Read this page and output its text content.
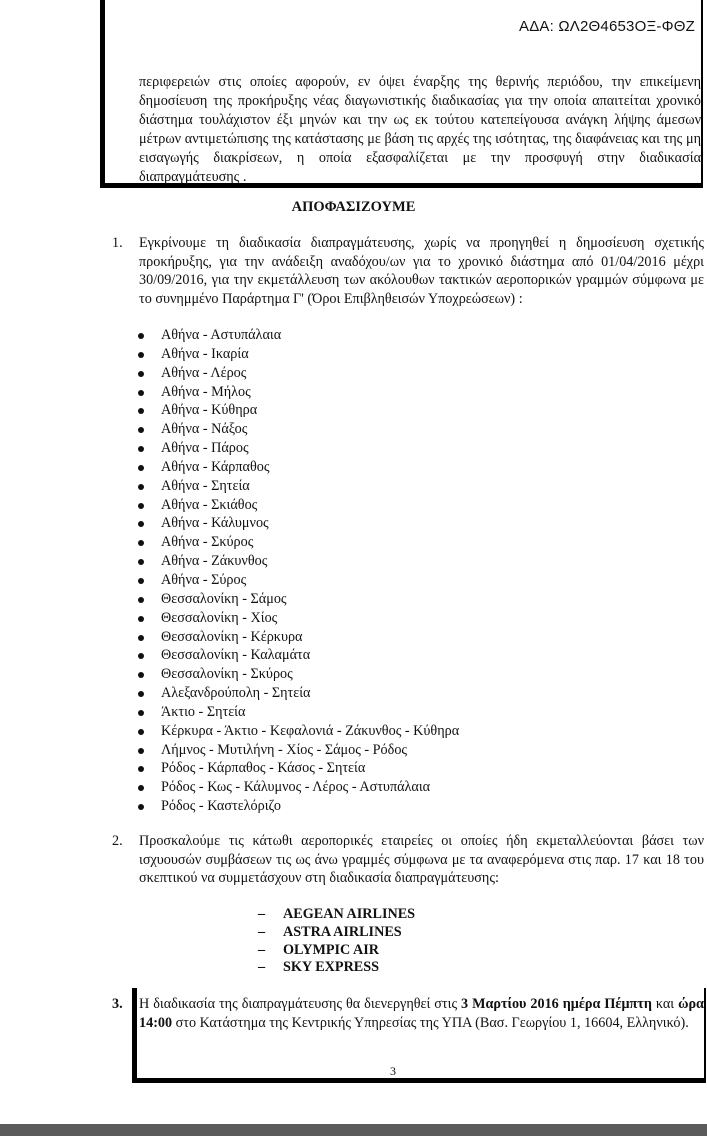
ΑΔΑ: ΩΛ2Θ4653ΟΞ-ΦΘΖ

περιφερειών στις οποίες αφορούν, εν όψει έναρξης της θερινής περιόδου, την επικείμενη δημοσίευση της προκήρυξης νέας διαγωνιστικής διαδικασίας για την οποία απαιτείται χρονικό διάστημα τουλάχιστον έξι μηνών και την ως εκ τούτου κατεπείγουσα ανάγκη λήψης άμεσων μέτρων αντιμετώπισης της κατάστασης με βάση τις αρχές της ισότητας, της διαφάνειας και της μη εισαγωγής διακρίσεων, η οποία εξασφαλίζεται με την προσφυγή στην διαδικασία διαπραγμάτευσης .

ΑΠΟΦΑΣΙΖΟΥΜΕ
1. Εγκρίνουμε τη διαδικασία διαπραγμάτευσης, χωρίς να προηγηθεί η δημοσίευση σχετικής προκήρυξης, για την ανάδειξη αναδόχου/ων για το χρονικό διάστημα από 01/04/2016 μέχρι 30/09/2016, για την εκμετάλλευση των ακόλουθων τακτικών αεροπορικών γραμμών σύμφωνα με το συνημμένο Παράρτημα Γ' (Όροι Επιβληθεισών Υποχρεώσεων) :
Αθήνα - Αστυπάλαια
Αθήνα - Ικαρία
Αθήνα - Λέρος
Αθήνα - Μήλος
Αθήνα - Κύθηρα
Αθήνα - Νάξος
Αθήνα - Πάρος
Αθήνα - Κάρπαθος
Αθήνα - Σητεία
Αθήνα - Σκιάθος
Αθήνα - Κάλυμνος
Αθήνα - Σκύρος
Αθήνα - Ζάκυνθος
Αθήνα - Σύρος
Θεσσαλονίκη - Σάμος
Θεσσαλονίκη - Χίος
Θεσσαλονίκη - Κέρκυρα
Θεσσαλονίκη - Καλαμάτα
Θεσσαλονίκη - Σκύρος
Αλεξανδρούπολη - Σητεία
Άκτιο - Σητεία
Κέρκυρα - Άκτιο - Κεφαλονιά - Ζάκυνθος - Κύθηρα
Λήμνος - Μυτιλήνη - Χίος - Σάμος - Ρόδος
Ρόδος - Κάρπαθος - Κάσος - Σητεία
Ρόδος - Κως - Κάλυμνος - Λέρος - Αστυπάλαια
Ρόδος - Καστελόριζο
2. Προσκαλούμε τις κάτωθι αεροπορικές εταιρείες οι οποίες ήδη εκμεταλλεύονται βάσει των ισχυουσών συμβάσεων τις ως άνω γραμμές σύμφωνα με τα αναφερόμενα στις παρ. 17 και 18 του σκεπτικού να συμμετάσχουν στη διαδικασία διαπραγμάτευσης:
– AEGEAN AIRLINES
– ASTRA AIRLINES
– OLYMPIC AIR
– SKY EXPRESS
3. Η διαδικασία της διαπραγμάτευσης θα διενεργηθεί στις 3 Μαρτίου 2016 ημέρα Πέμπτη και ώρα 14:00 στο Κατάστημα της Κεντρικής Υπηρεσίας της ΥΠΑ (Βασ. Γεωργίου 1, 16604, Ελληνικό).
3
